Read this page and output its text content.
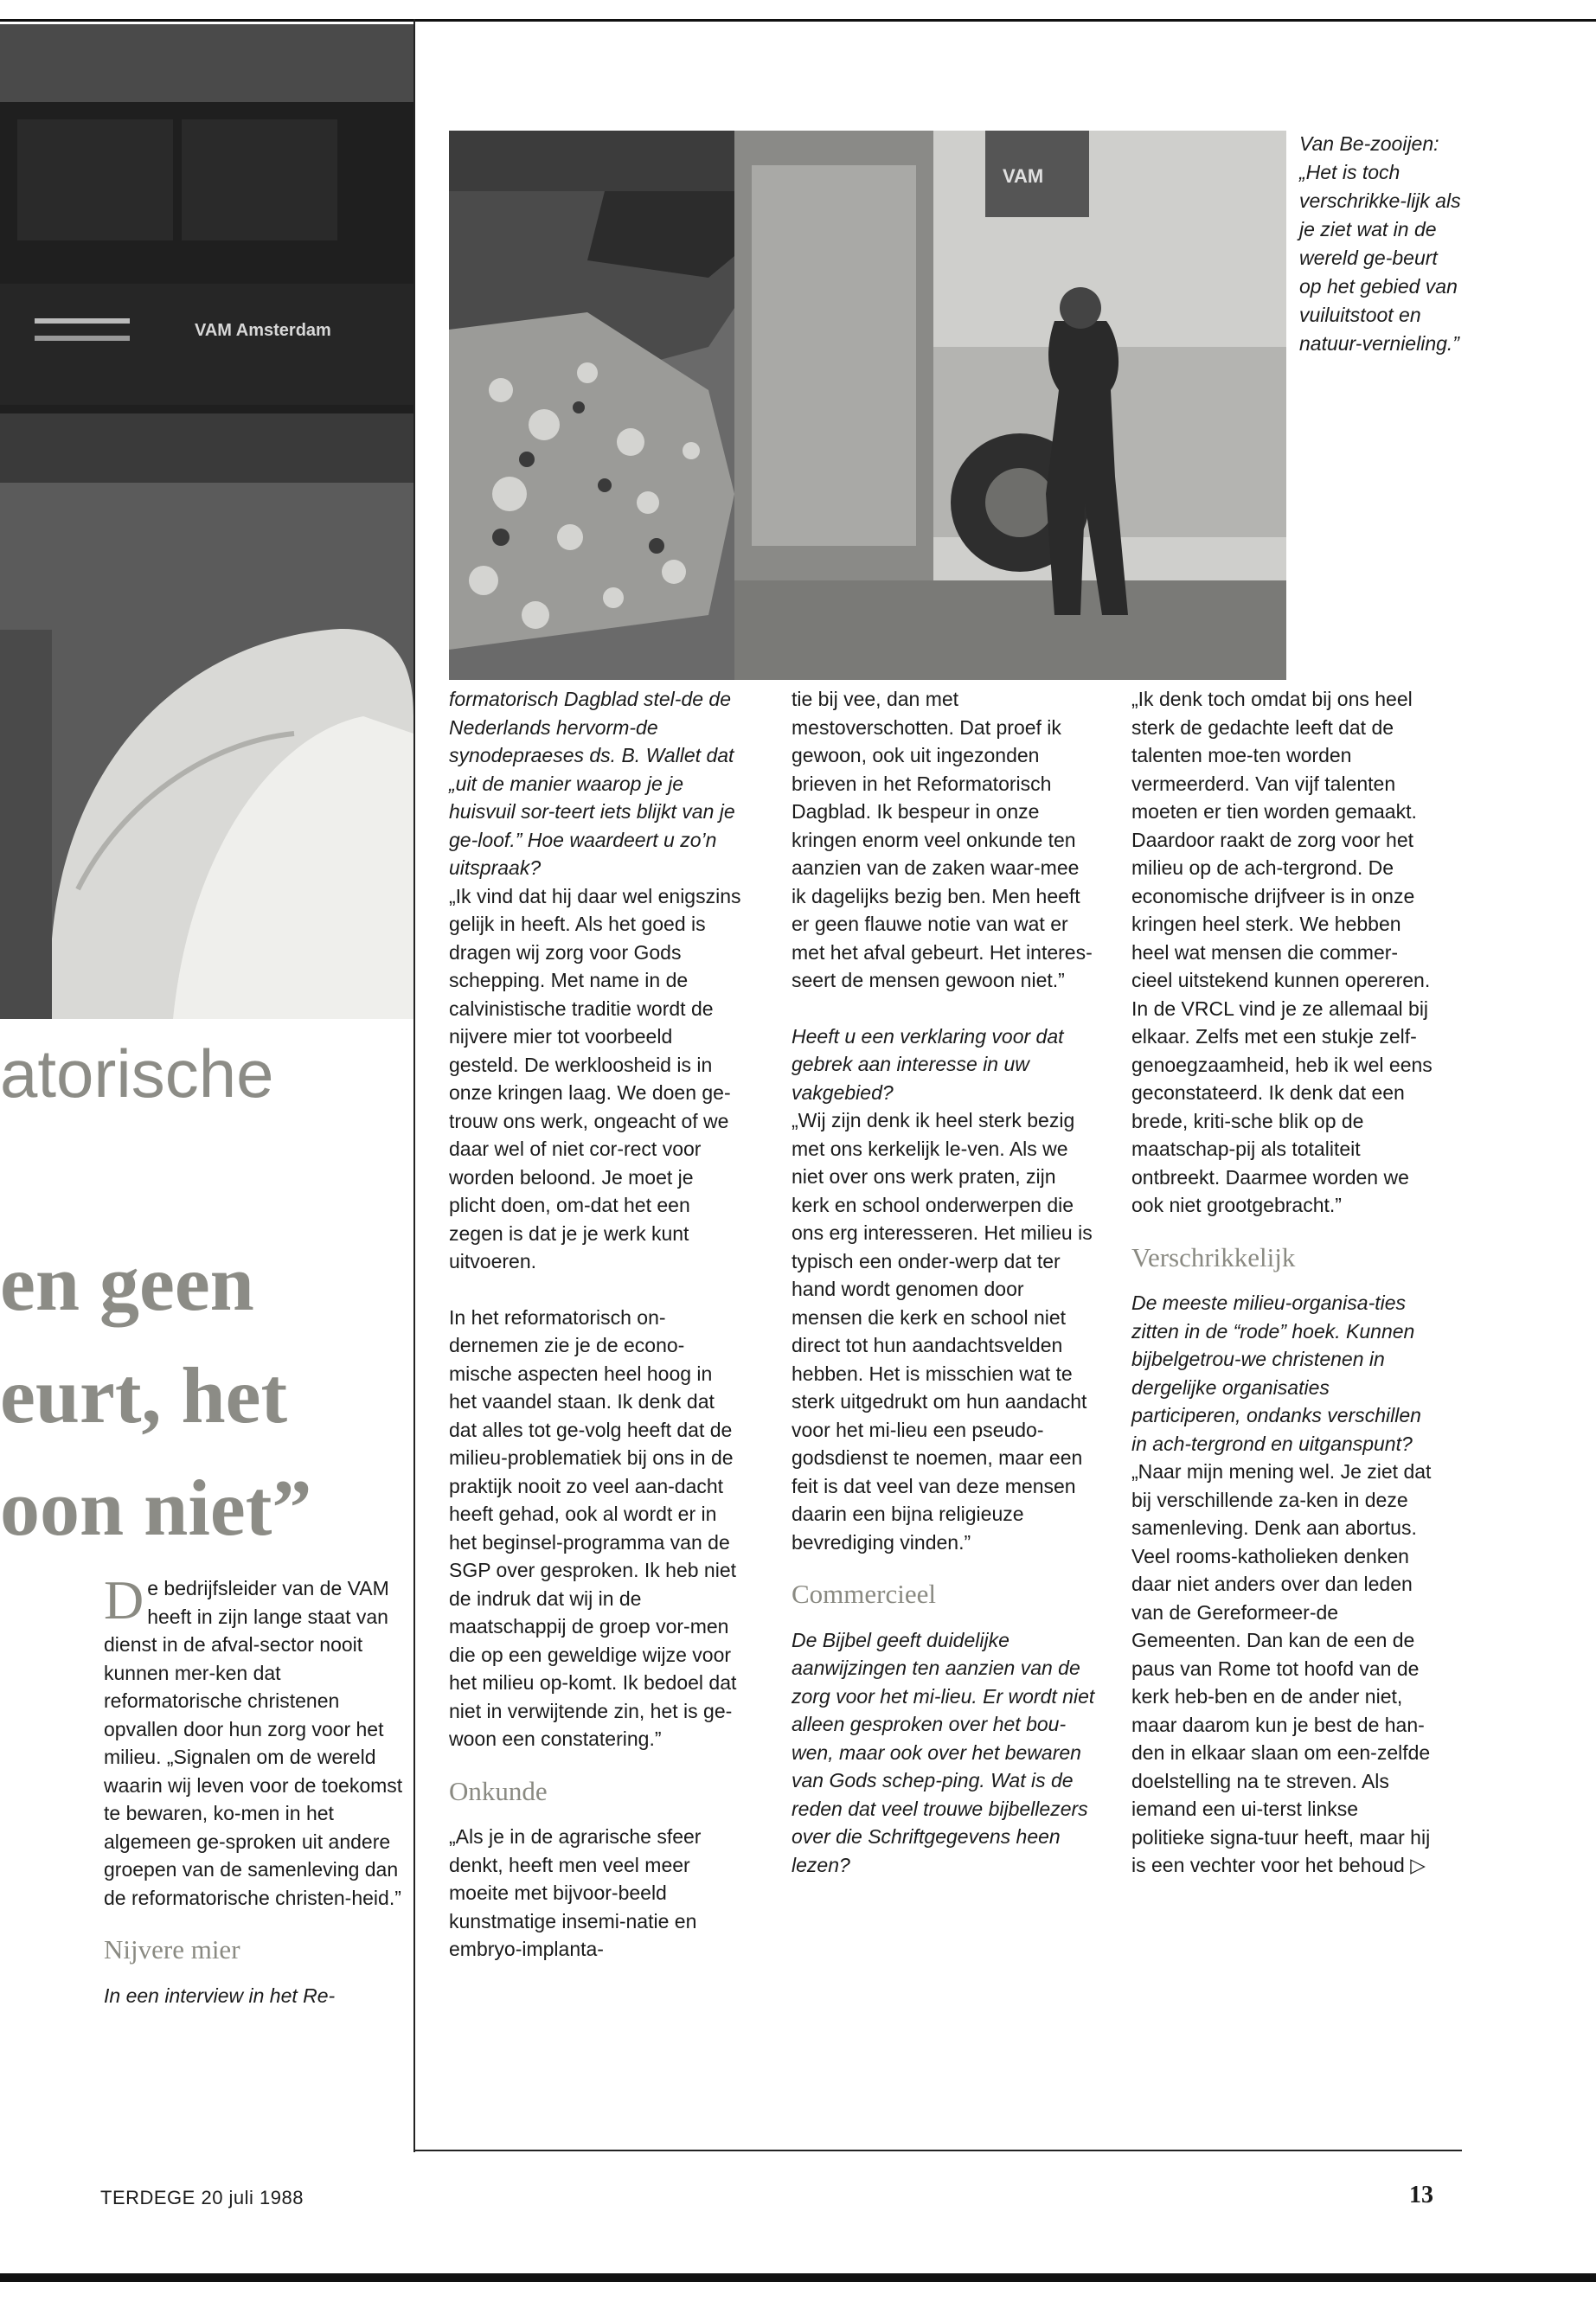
VAM Amsterdam
atorische
en geen
eurt, het
oon niet”

De bedrijfsleider van de VAM heeft in zijn lange staat van dienst in de afval-sector nooit kunnen mer-ken dat reformatorische christenen opvallen door hun zorg voor het milieu. „Signalen om de wereld waarin wij leven voor de toekomst te bewaren, ko-men in het algemeen ge-sproken uit andere groepen van de samenleving dan de reformatorische christen-heid.”

Nijvere mier

In een interview in het Re-

VAM
Van Be-zooijen: „Het is toch verschrikke-lijk als je ziet wat in de wereld ge-beurt op het gebied van vuiluitstoot en natuur-vernieling.”

formatorisch Dagblad stel-de de Nederlands hervorm-de synodepraeses ds. B. Wallet dat „uit de manier waarop je je huisvuil sor-teert iets blijkt van je ge-loof.” Hoe waardeert u zo’n uitspraak?

„Ik vind dat hij daar wel enigszins gelijk in heeft. Als het goed is dragen wij zorg voor Gods schepping. Met name in de calvinistische traditie wordt de nijvere mier tot voorbeeld gesteld. De werkloosheid is in onze kringen laag. We doen ge-trouw ons werk, ongeacht of we daar wel of niet cor-rect voor worden beloond. Je moet je plicht doen, om-dat het een zegen is dat je je werk kunt uitvoeren.

In het reformatorisch on-dernemen zie je de econo-mische aspecten heel hoog in het vaandel staan. Ik denk dat dat alles tot ge-volg heeft dat de milieu-problematiek bij ons in de praktijk nooit zo veel aan-dacht heeft gehad, ook al wordt er in het beginsel-programma van de SGP over gesproken. Ik heb niet de indruk dat wij in de maatschappij de groep vor-men die op een geweldige wijze voor het milieu op-komt. Ik bedoel dat niet in verwijtende zin, het is ge-woon een constatering.”

Onkunde

„Als je in de agrarische sfeer denkt, heeft men veel meer moeite met bijvoor-beeld kunstmatige insemi-natie en embryo-implanta-

tie bij vee, dan met mestoverschotten. Dat proef ik gewoon, ook uit ingezonden brieven in het Reformatorisch Dagblad. Ik bespeur in onze kringen enorm veel onkunde ten aanzien van de zaken waar-mee ik dagelijks bezig ben. Men heeft er geen flauwe notie van wat er met het afval gebeurt. Het interes-seert de mensen gewoon niet.”

Heeft u een verklaring voor dat gebrek aan interesse in uw vakgebied?

„Wij zijn denk ik heel sterk bezig met ons kerkelijk le-ven. Als we niet over ons werk praten, zijn kerk en school onderwerpen die ons erg interesseren. Het milieu is typisch een onder-werp dat ter hand wordt genomen door mensen die kerk en school niet direct tot hun aandachtsvelden hebben. Het is misschien wat te sterk uitgedrukt om hun aandacht voor het mi-lieu een pseudo-godsdienst te noemen, maar een feit is dat veel van deze mensen daarin een bijna religieuze bevrediging vinden.”

Commercieel

De Bijbel geeft duidelijke aanwijzingen ten aanzien van de zorg voor het mi-lieu. Er wordt niet alleen gesproken over het bou-wen, maar ook over het bewaren van Gods schep-ping. Wat is de reden dat veel trouwe bijbellezers over die Schriftgegevens heen lezen?

„Ik denk toch omdat bij ons heel sterk de gedachte leeft dat de talenten moe-ten worden vermeerderd. Van vijf talenten moeten er tien worden gemaakt. Daardoor raakt de zorg voor het milieu op de ach-tergrond. De economische drijfveer is in onze kringen heel sterk. We hebben heel wat mensen die commer-cieel uitstekend kunnen opereren. In de VRCL vind je ze allemaal bij elkaar. Zelfs met een stukje zelf-genoegzaamheid, heb ik wel eens geconstateerd. Ik denk dat een brede, kriti-sche blik op de maatschap-pij als totaliteit ontbreekt. Daarmee worden we ook niet grootgebracht.”

Verschrikkelijk

De meeste milieu-organisa-ties zitten in de “rode” hoek. Kunnen bijbelgetrou-we christenen in dergelijke organisaties participeren, ondanks verschillen in ach-tergrond en uitganspunt?

„Naar mijn mening wel. Je ziet dat bij verschillende za-ken in deze samenleving. Denk aan abortus. Veel rooms-katholieken denken daar niet anders over dan leden van de Gereformeer-de Gemeenten. Dan kan de een de paus van Rome tot hoofd van de kerk heb-ben en de ander niet, maar daarom kun je best de han-den in elkaar slaan om een-zelfde doelstelling na te streven. Als iemand een ui-terst linkse politieke signa-tuur heeft, maar hij is een vechter voor het behoud ▷

TERDEGE 20 juli 1988	13
